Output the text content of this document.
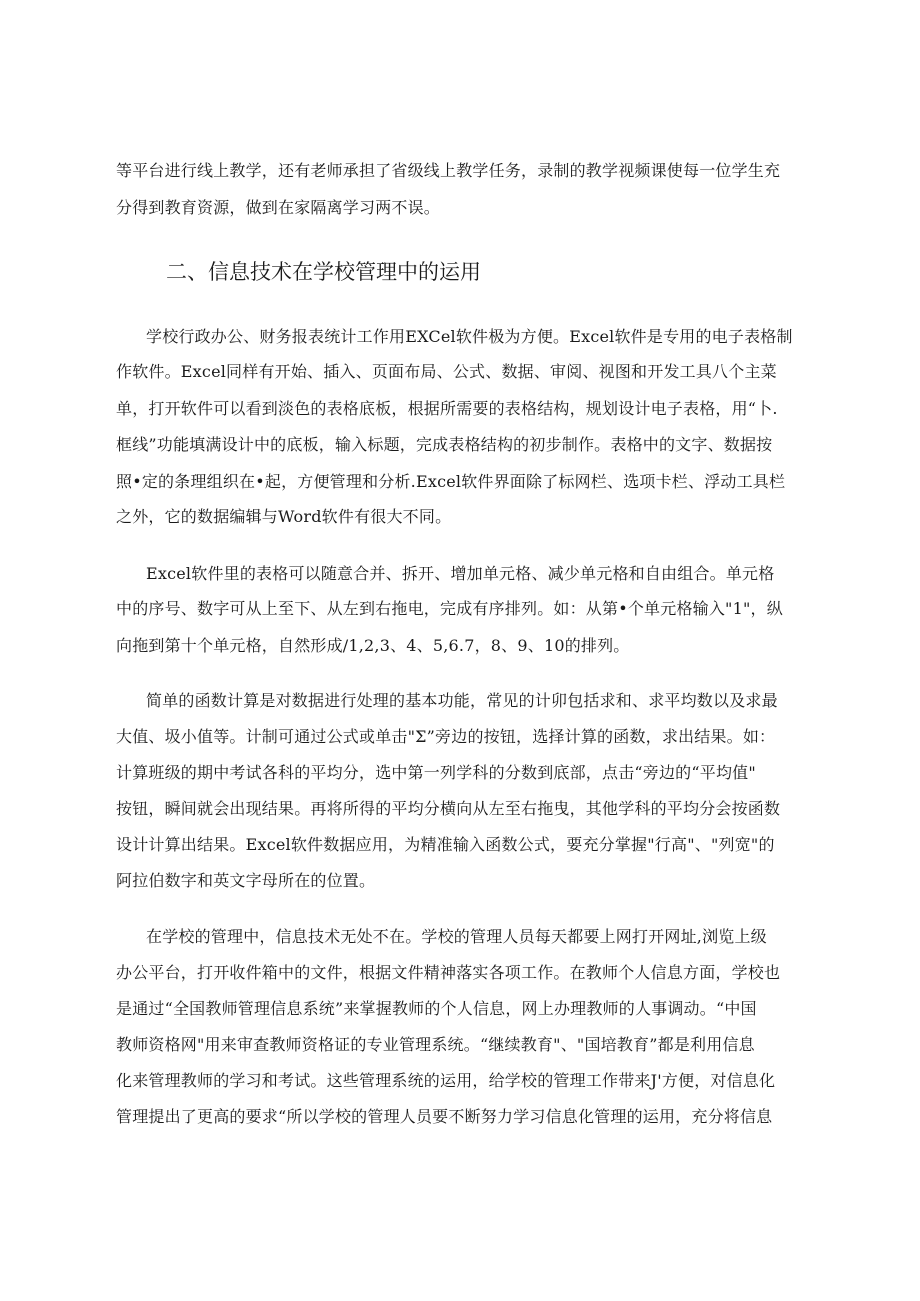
等平台进行线上教学，还有老师承担了省级线上教学任务，录制的教学视频课使每一位学生充
分得到教育资源，做到在家隔离学习两不误。
二、信息技术在学校管理中的运用
学校行政办公、财务报表统计工作用EXCel软件极为方便。Excel软件是专用的电子表格制
作软件。Excel同样有开始、插入、页面布局、公式、数据、审阅、视图和开发工具八个主菜
单，打开软件可以看到淡色的表格底板，根据所需要的表格结构，规划设计电子表格，用“卜.
框线”功能填满设计中的底板，输入标题，完成表格结构的初步制作。表格中的文字、数据按
照•定的条理组织在•起，方便管理和分析.Excel软件界面除了标网栏、选项卡栏、浮动工具栏
之外，它的数据编辑与Word软件有很大不同。
Excel软件里的表格可以随意合并、拆开、增加单元格、减少单元格和自由组合。单元格
中的序号、数字可从上至下、从左到右拖电，完成有序排列。如：从第•个单元格输入"1"，纵
向拖到第十个单元格，自然形成/1,2,3、4、5,6.7，8、9、10的排列。
简单的函数计算是对数据进行处理的基本功能，常见的计卯包括求和、求平均数以及求最
大值、圾小值等。计制可通过公式或单击"Σ”旁边的按钮，选择计算的函数，求出结果。如：
计算班级的期中考试各科的平均分，选中第一列学科的分数到底部，点击“旁边的“平均值"
按钮，瞬间就会出现结果。再将所得的平均分横向从左至右拖曳，其他学科的平均分会按函数
设计计算出结果。Excel软件数据应用，为精准输入函数公式，要充分掌握"行高"、"列宽"的
阿拉伯数字和英文字母所在的位置。
在学校的管理中，信息技术无处不在。学校的管理人员每天都要上网打开网址,浏览上级
办公平台，打开收件箱中的文件，根据文件精神落实各项工作。在教师个人信息方面，学校也
是通过“全国教师管理信息系统”来掌握教师的个人信息，网上办理教师的人事调动。“中国
教师资格网"用来审查教师资格证的专业管理系统。“继续教育"、"国培教育”都是利用信息
化来管理教师的学习和考试。这些管理系统的运用，给学校的管理工作带来J'方便，对信息化
管理提出了更高的要求“所以学校的管理人员要不断努力学习信息化管理的运用，充分将信息
